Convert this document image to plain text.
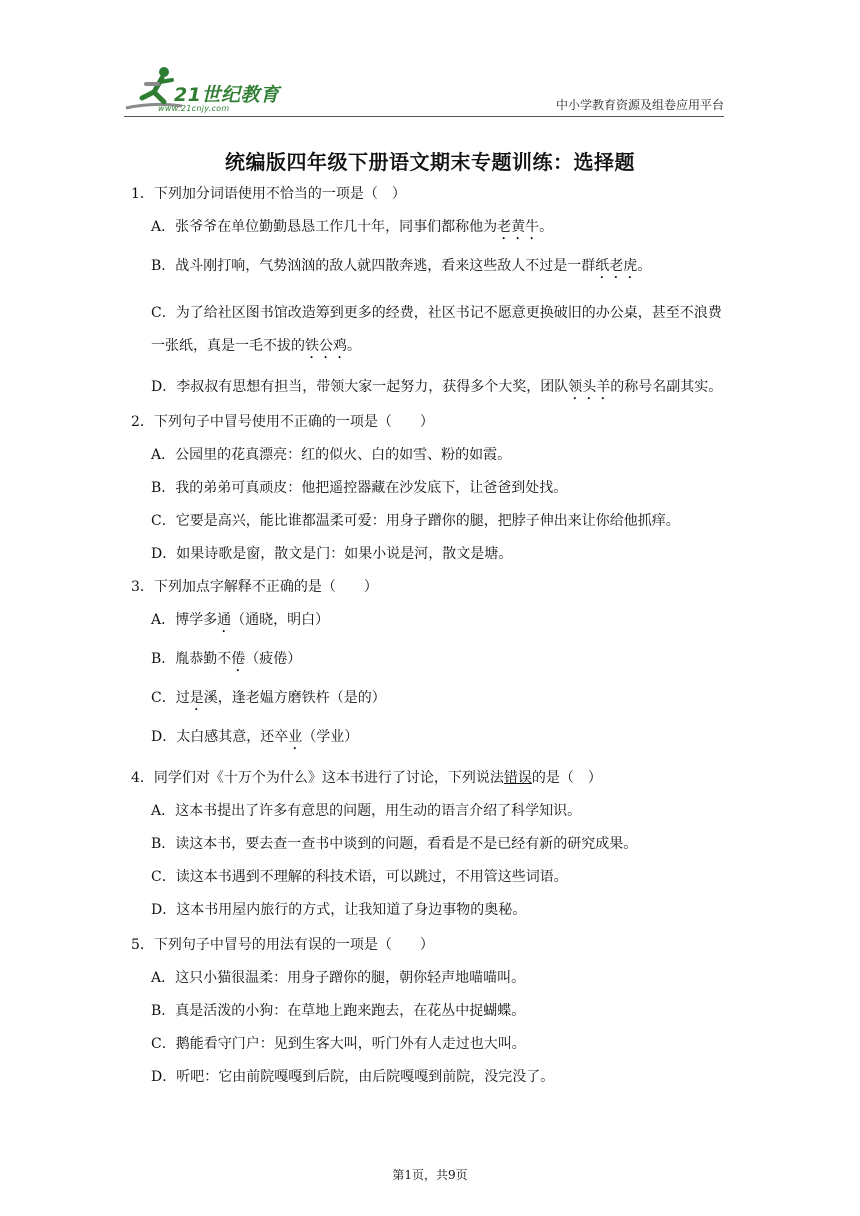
21世纪教育
www.21cnjy.com	中小学教育资源及组卷应用平台
统编版四年级下册语文期末专题训练：选择题

1．下列加分词语使用不恰当的一项是（　）

A．张爷爷在单位勤勤恳恳工作几十年，同事们都称他为老黄牛。

B．战斗刚打响，气势汹汹的敌人就四散奔逃，看来这些敌人不过是一群纸老虎。

C．为了给社区图书馆改造筹到更多的经费，社区书记不愿意更换破旧的办公桌，甚至不浪费一张纸，真是一毛不拔的铁公鸡。

D．李叔叔有思想有担当，带领大家一起努力，获得多个大奖，团队领头羊的称号名副其实。

2．下列句子中冒号使用不正确的一项是（　　）

A．公园里的花真漂亮：红的似火、白的如雪、粉的如霞。

B．我的弟弟可真顽皮：他把遥控器藏在沙发底下，让爸爸到处找。

C．它要是高兴，能比谁都温柔可爱：用身子蹭你的腿，把脖子伸出来让你给他抓痒。

D．如果诗歌是窗，散文是门：如果小说是河，散文是塘。

3．下列加点字解释不正确的是（　　）

A．博学多通（通晓，明白）

B．胤恭勤不倦（疲倦）

C．过是溪，逢老媪方磨铁杵（是的）

D．太白感其意，还卒业（学业）

4．同学们对《十万个为什么》这本书进行了讨论，下列说法错误的是（　）

A．这本书提出了许多有意思的问题，用生动的语言介绍了科学知识。

B．读这本书，要去查一查书中谈到的问题，看看是不是已经有新的研究成果。

C．读这本书遇到不理解的科技术语，可以跳过，不用管这些词语。

D．这本书用屋内旅行的方式，让我知道了身边事物的奥秘。

5．下列句子中冒号的用法有误的一项是（　　）

A．这只小猫很温柔：用身子蹭你的腿，朝你轻声地喵喵叫。

B．真是活泼的小狗：在草地上跑来跑去，在花丛中捉蝴蝶。

C．鹅能看守门户：见到生客大叫，听门外有人走过也大叫。

D．听吧：它由前院嘎嘎到后院，由后院嘎嘎到前院，没完没了。

第1页，共9页
